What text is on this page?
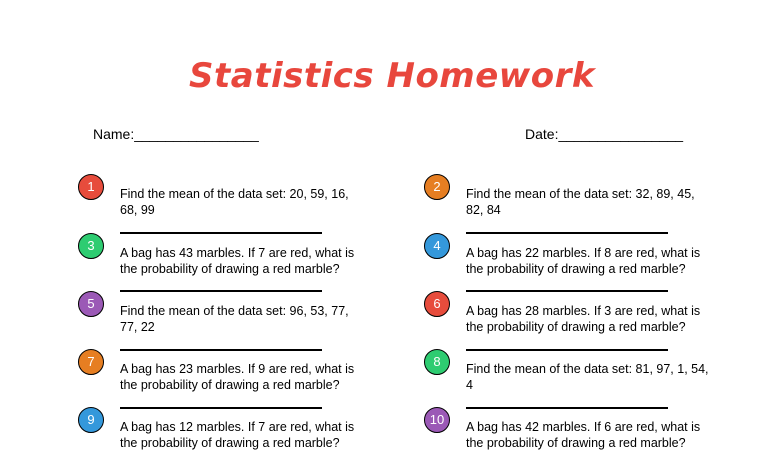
Statistics Homework
Name:________________	Date:________________
1	Find the mean of the data set: 20, 59, 16, 68, 99
2	Find the mean of the data set: 32, 89, 45, 82, 84
3	A bag has 43 marbles. If 7 are red, what is the probability of drawing a red marble?
4	A bag has 22 marbles. If 8 are red, what is the probability of drawing a red marble?
5	Find the mean of the data set: 96, 53, 77, 77, 22
6	A bag has 28 marbles. If 3 are red, what is the probability of drawing a red marble?
7	A bag has 23 marbles. If 9 are red, what is the probability of drawing a red marble?
8	Find the mean of the data set: 81, 97, 1, 54, 4
9	A bag has 12 marbles. If 7 are red, what is the probability of drawing a red marble?
10	A bag has 42 marbles. If 6 are red, what is the probability of drawing a red marble?
